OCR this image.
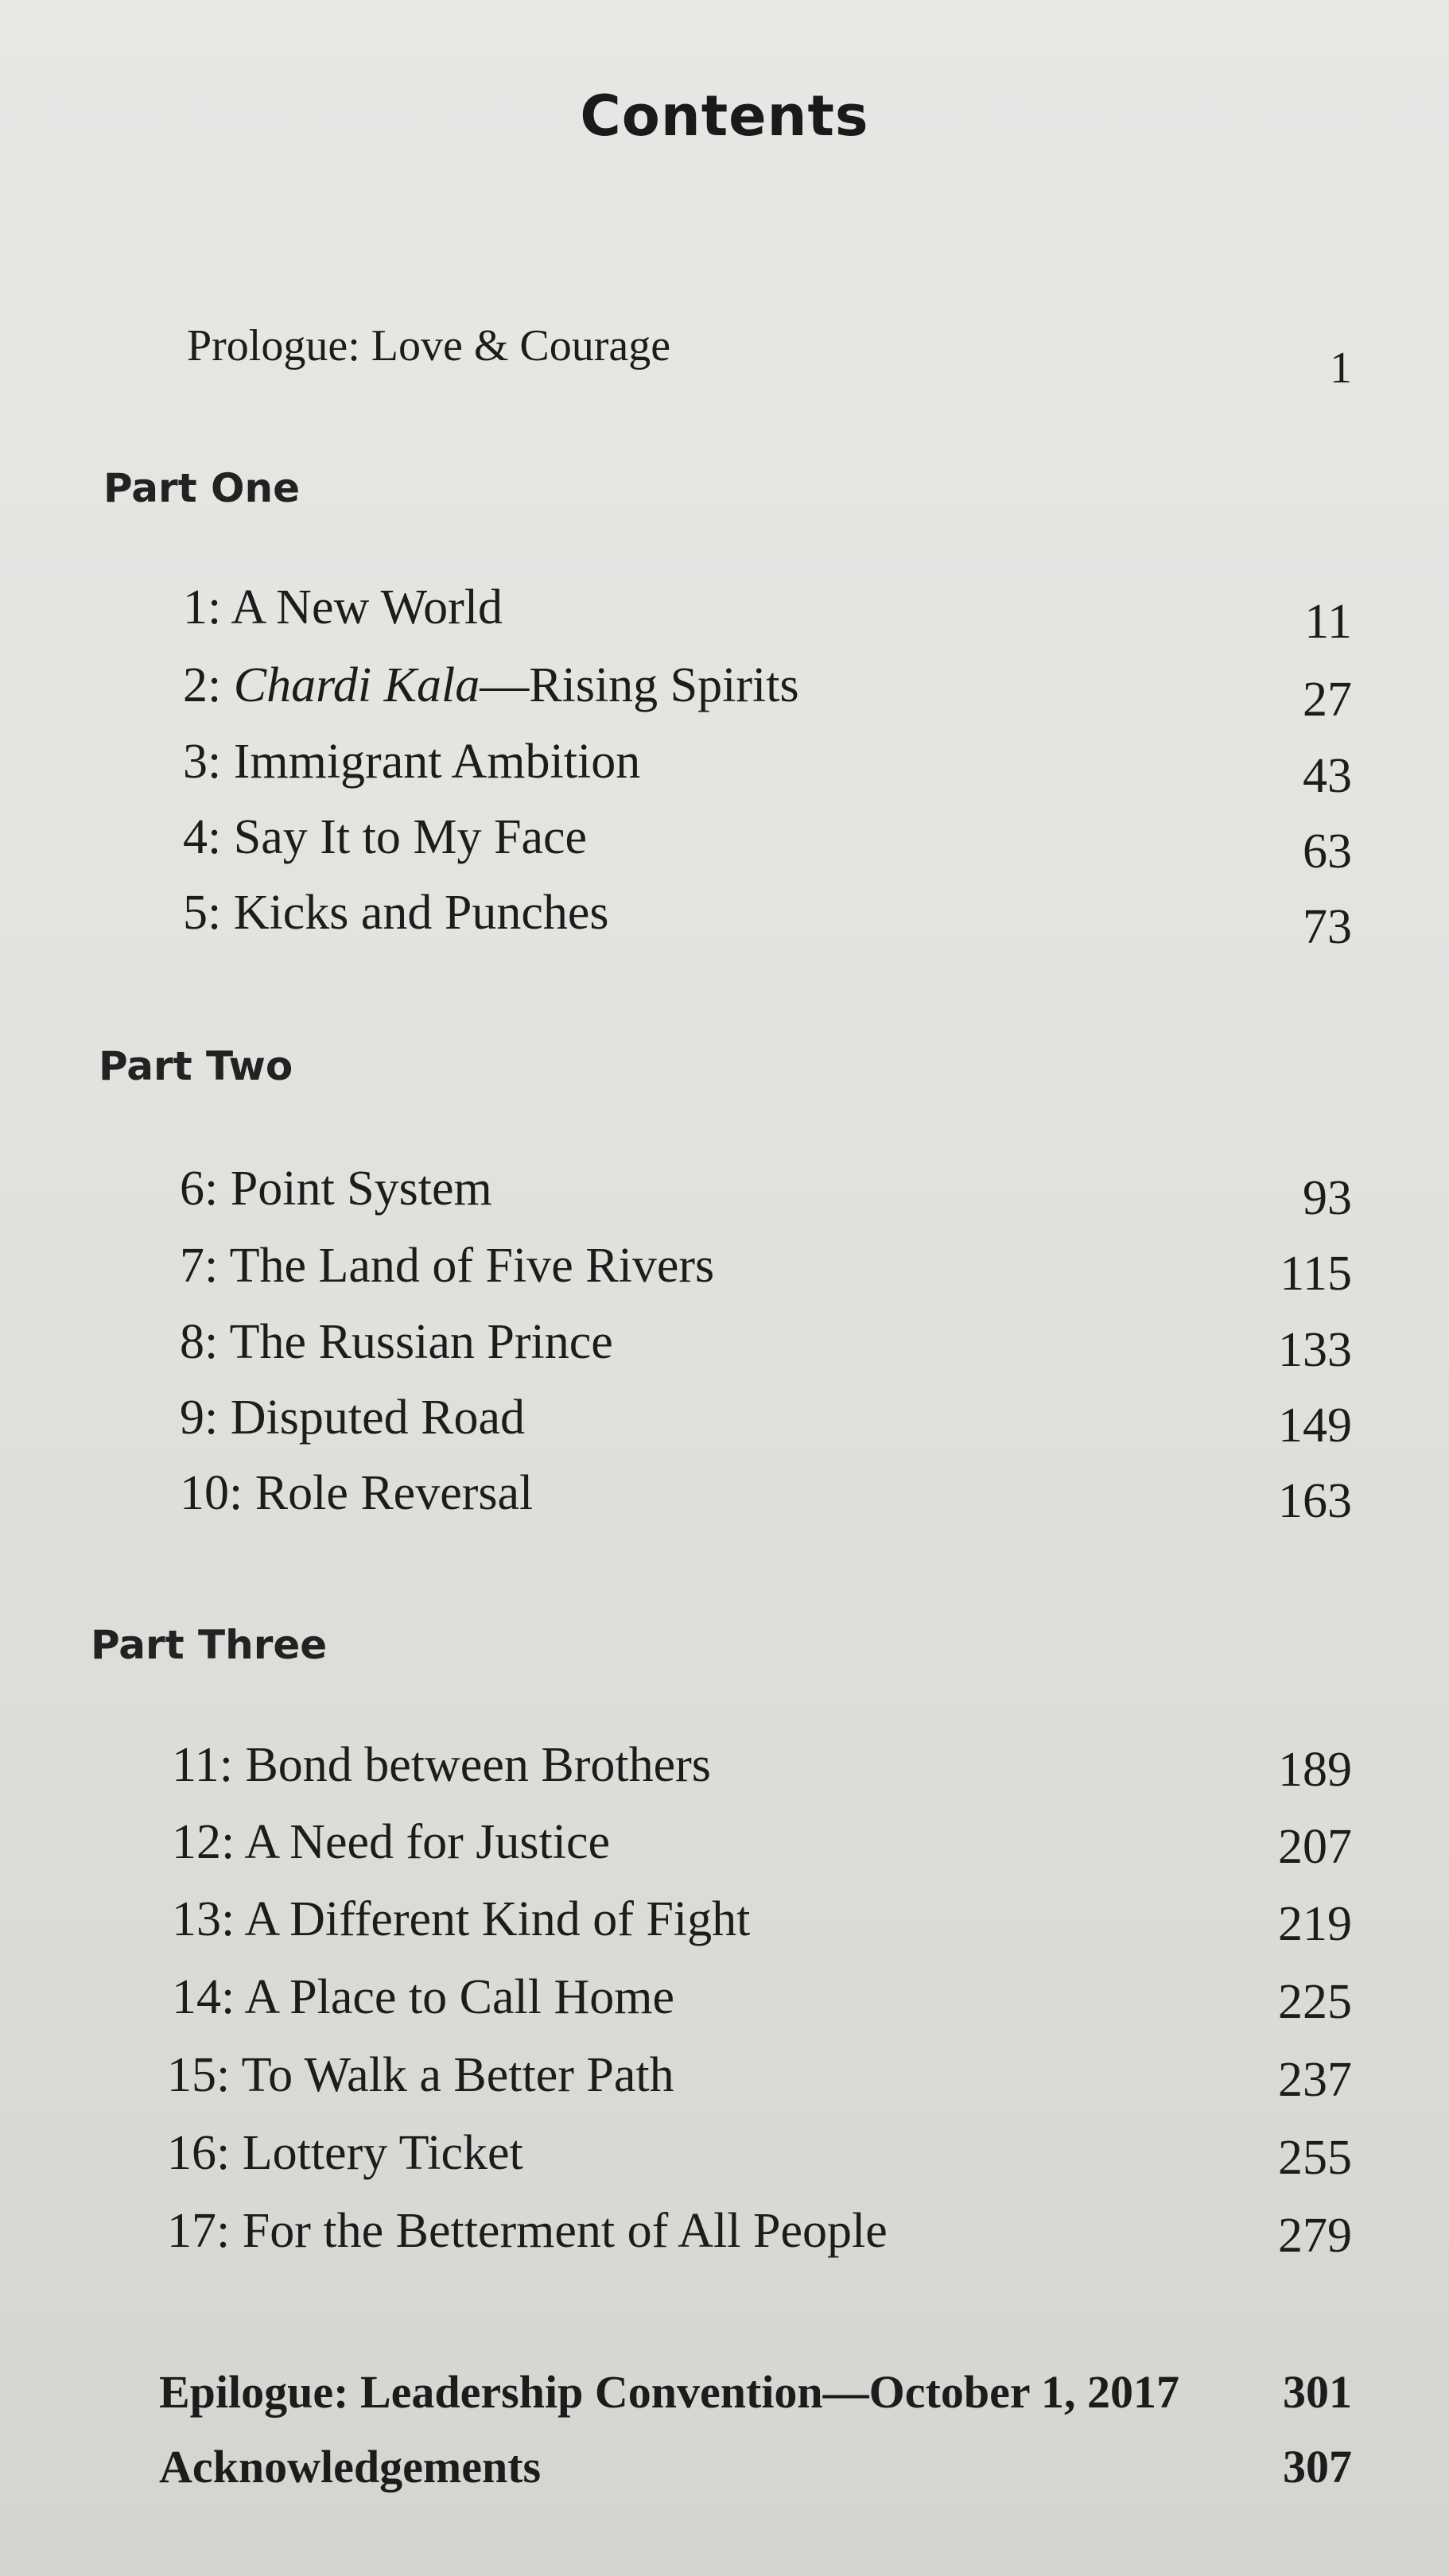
Contents
Prologue: Love & Courage	1
Part One
1: A New World	11
2: Chardi Kala—Rising Spirits	27
3: Immigrant Ambition	43
4: Say It to My Face	63
5: Kicks and Punches	73
Part Two
6: Point System	93
7: The Land of Five Rivers	115
8: The Russian Prince	133
9: Disputed Road	149
10: Role Reversal	163
Part Three
11: Bond between Brothers	189
12: A Need for Justice	207
13: A Different Kind of Fight	219
14: A Place to Call Home	225
15: To Walk a Better Path	237
16: Lottery Ticket	255
17: For the Betterment of All People	279
Epilogue: Leadership Convention—October 1, 2017 301
Acknowledgements	307
